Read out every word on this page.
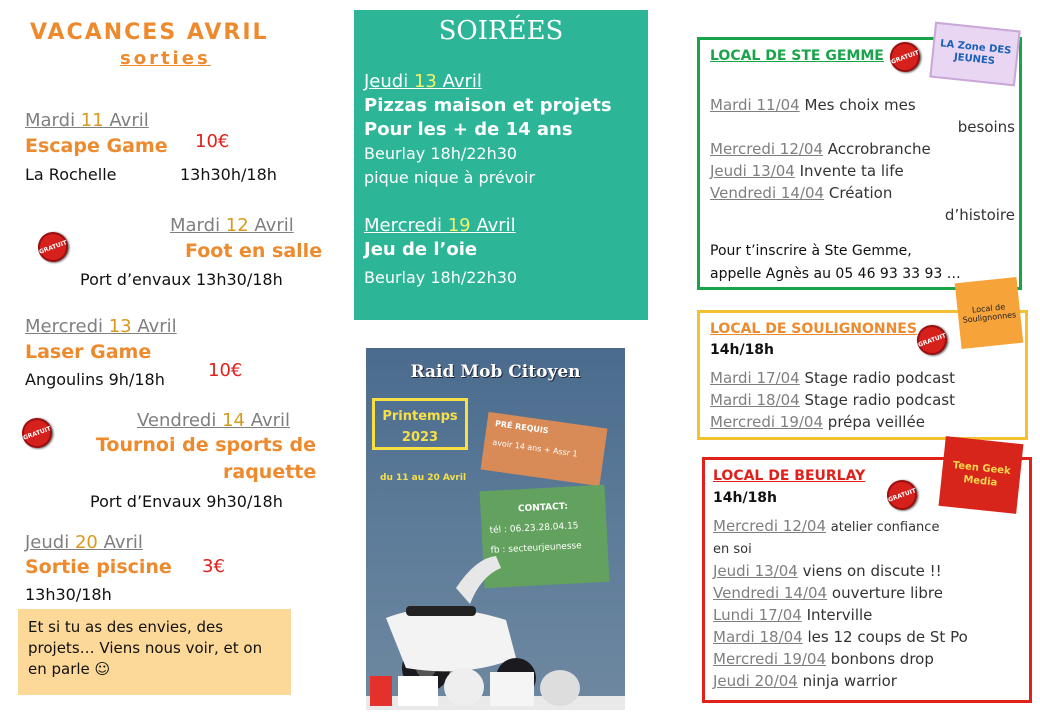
VACANCES AVRIL
sorties
Mardi 11 Avril
Escape Game 10€
La Rochelle	13h30h/18h
GRATUIT
Mardi 12 Avril
Foot en salle
Port d’envaux 13h30/18h
Mercredi 13 Avril
Laser Game
10€
Angoulins 9h/18h
GRATUIT
Vendredi 14 Avril
Tournoi de sports de
raquette
Port d’Envaux 9h30/18h
Jeudi 20 Avril
Sortie piscine 3€
13h30/18h
Et si tu as des envies, des projets… Viens nous voir, et on en parle ☺
SOIRÉES
Jeudi 13 Avril
Pizzas maison et projets
Pour les + de 14 ans
Beurlay 18h/22h30
pique nique à prévoir
Mercredi 19 Avril
Jeu de l’oie
Beurlay 18h/22h30
Raid Mob Citoyen
Printemps 2023
du 11 au 20 Avril
PRÉ REQUIS
avoir 14 ans + Assr 1
CONTACT:
tél : 06.23.28.04.15
fb : secteurjeunesse
LOCAL DE STE GEMME
Mardi 11/04 Mes choix mes
besoins
Mercredi 12/04 Accrobranche
Jeudi 13/04 Invente ta life
Vendredi 14/04 Création
d’histoire
Pour t’inscrire à Ste Gemme,
appelle Agnès au 05 46 93 33 93 …
GRATUIT
LA Zone DES JEUNES
LOCAL DE SOULIGNONNES
14h/18h
Mardi 17/04 Stage radio podcast
Mardi 18/04 Stage radio podcast
Mercredi 19/04 prépa veillée
GRATUIT
Local de Soulignonnes
LOCAL DE BEURLAY
14h/18h
Mercredi 12/04 atelier confiance
en soi
Jeudi 13/04 viens on discute !!
Vendredi 14/04 ouverture libre
Lundi 17/04 Interville
Mardi 18/04 les 12 coups de St Po
Mercredi 19/04 bonbons drop
Jeudi 20/04 ninja warrior
GRATUIT
Teen Geek Media
